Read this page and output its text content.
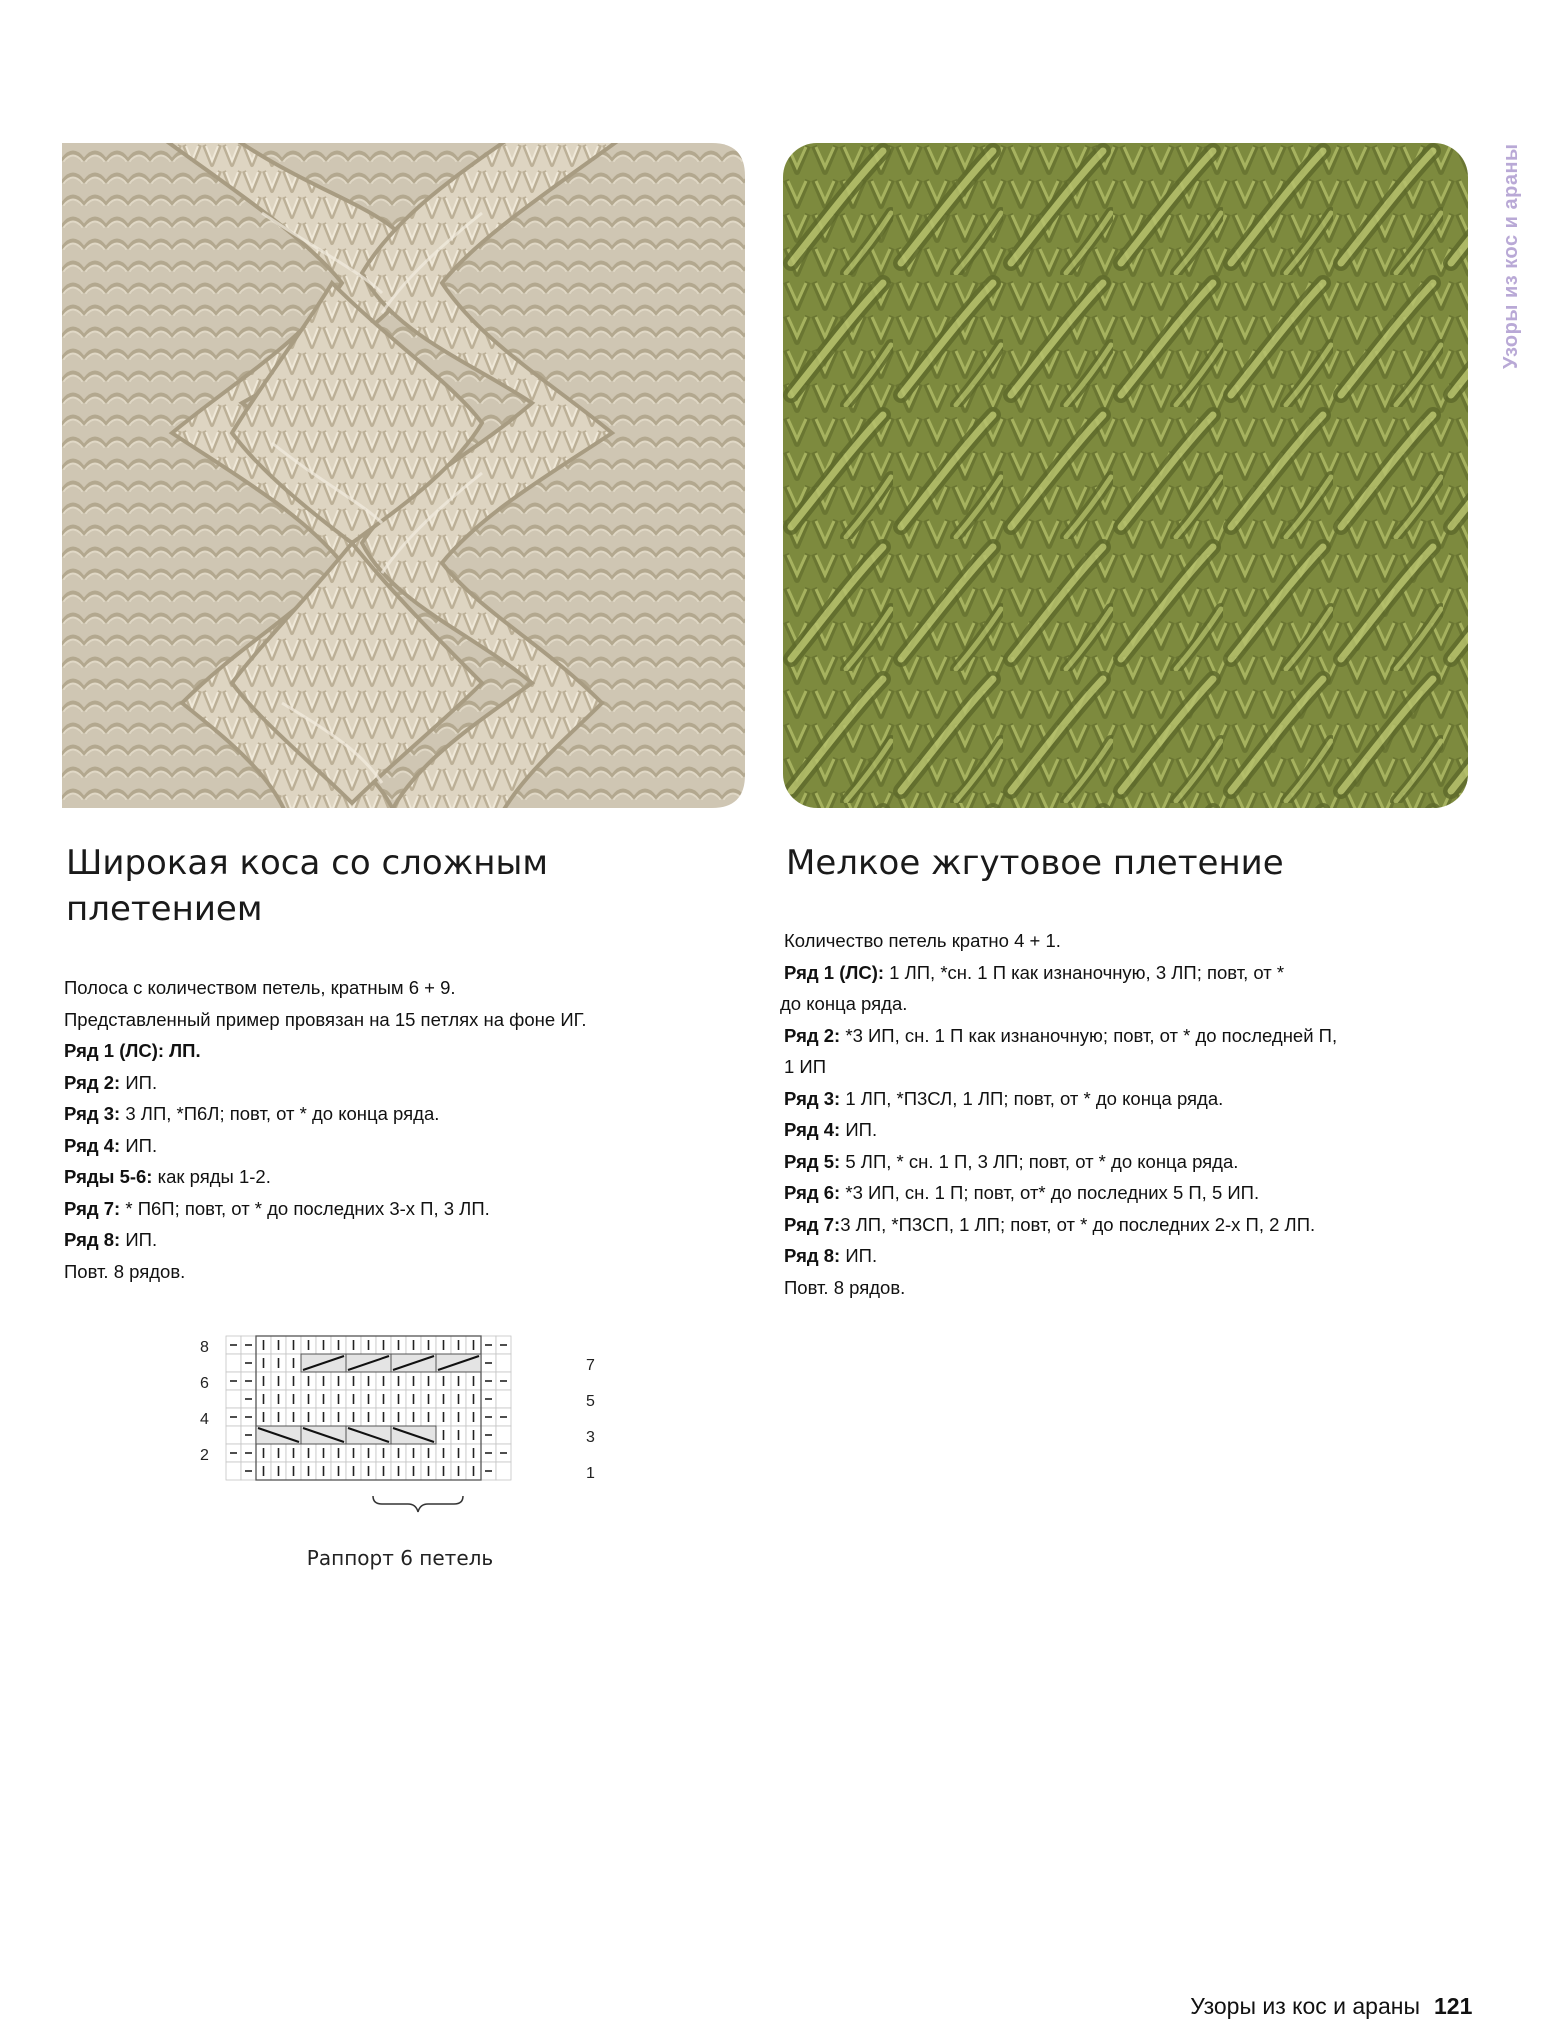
Узоры из кос и араны
Широкая коса со сложным плетением

Полоса с количеством петель, кратным 6 + 9.

Представленный пример провязан на 15 петлях на фоне ИГ.

Ряд 1 (ЛС): ЛП.

Ряд 2: ИП.

Ряд 3: 3 ЛП, *П6Л; повт, от * до конца ряда.

Ряд 4: ИП.

Ряды 5-6: как ряды 1-2.

Ряд 7: * П6П; повт, от * до последних 3-х П, 3 ЛП.

Ряд 8: ИП.

Повт. 8 рядов.

Мелкое жгутовое плетение

Количество петель кратно 4 + 1.

Ряд 1 (ЛС): 1 ЛП, *сн. 1 П как изнаночную, 3 ЛП; повт, от *

до конца ряда.

Ряд 2: *3 ИП, сн. 1 П как изнаночную; повт, от * до последней П,

1 ИП

Ряд 3: 1 ЛП, *П3СЛ, 1 ЛП; повт, от * до конца ряда.

Ряд 4: ИП.

Ряд 5: 5 ЛП, * сн. 1 П, 3 ЛП; повт, от * до конца ряда.

Ряд 6: *3 ИП, сн. 1 П; повт, от* до последних 5 П, 5 ИП.

Ряд 7:3 ЛП, *П3СП, 1 ЛП; повт, от * до последних 2-х П, 2 ЛП.

Ряд 8: ИП.

Повт. 8 рядов.

8
6
4
2
7
5
3
1
Раппорт 6 петель
Узоры из кос и араны 121
